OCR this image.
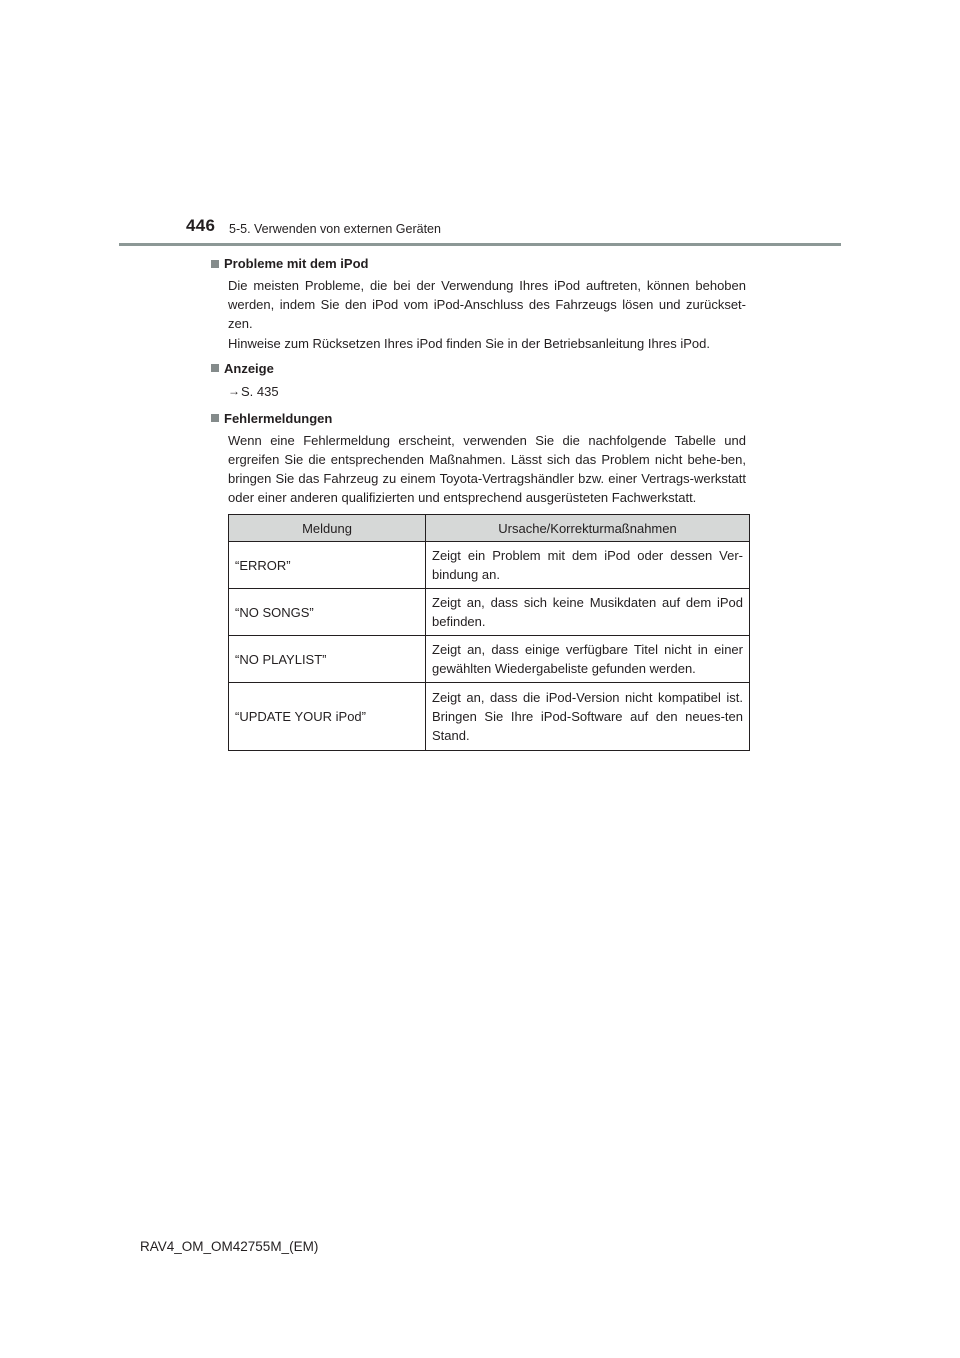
446 5-5. Verwenden von externen Geräten
Probleme mit dem iPod

Die meisten Probleme, die bei der Verwendung Ihres iPod auftreten, können behoben werden, indem Sie den iPod vom iPod-Anschluss des Fahrzeugs lösen und zurückset-zen.

Hinweise zum Rücksetzen Ihres iPod finden Sie in der Betriebsanleitung Ihres iPod.

Anzeige
→ S. 435
Fehlermeldungen

Wenn eine Fehlermeldung erscheint, verwenden Sie die nachfolgende Tabelle und ergreifen Sie die entsprechenden Maßnahmen. Lässt sich das Problem nicht behe-ben, bringen Sie das Fahrzeug zu einem Toyota-Vertragshändler bzw. einer Vertrags-werkstatt oder einer anderen qualifizierten und entsprechend ausgerüsteten Fachwerkstatt.

Meldung	Ursache/Korrekturmaßnahmen
“ERROR”	Zeigt ein Problem mit dem iPod oder dessen Ver-bindung an.
“NO SONGS”	Zeigt an, dass sich keine Musikdaten auf dem iPod befinden.
“NO PLAYLIST”	Zeigt an, dass einige verfügbare Titel nicht in einer gewählten Wiedergabeliste gefunden werden.
“UPDATE YOUR iPod”	Zeigt an, dass die iPod-Version nicht kompatibel ist. Bringen Sie Ihre iPod-Software auf den neues-ten Stand.
RAV4_OM_OM42755M_(EM)
